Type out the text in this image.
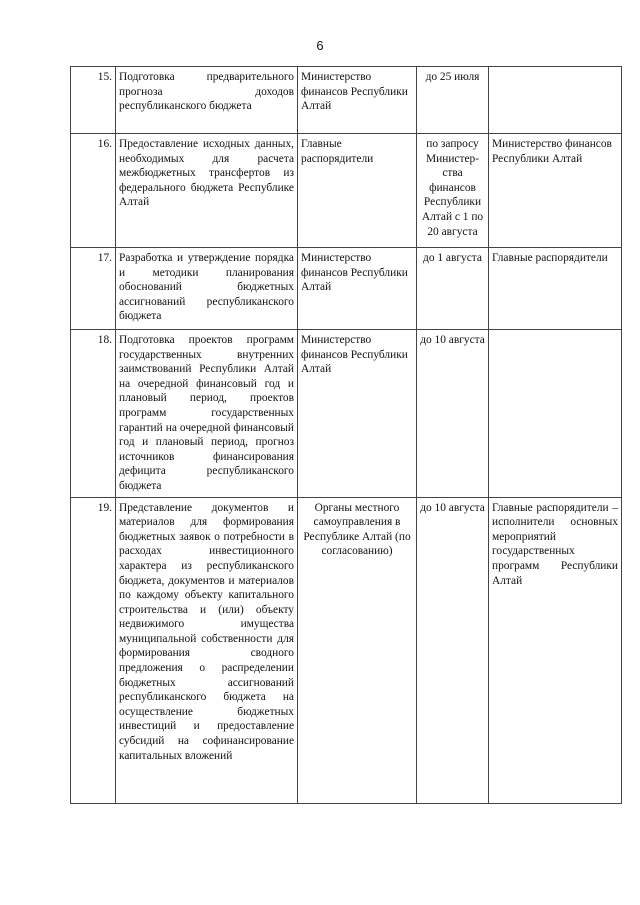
6
15.	Подготовка предварительного прогноза доходов республиканского бюджета	Министерство финансов Республики Алтай	до 25 июля	
16.	Предоставление исходных данных, необходимых для расчета межбюджетных трансфертов из федерального бюджета Республике Алтай	Главные распорядители	по запросу Министер-ства финансов Республики Алтай с 1 по 20 августа	Министерство финансов Республики Алтай
17.	Разработка и утверждение порядка и методики планирования обоснований бюджетных ассигнований республиканского бюджета	Министерство финансов Республики Алтай	до 1 августа	Главные распорядители
18.	Подготовка проектов программ государственных внутренних заимствований Республики Алтай на очередной финансовый год и плановый период, проектов программ государственных гарантий на очередной финансовый год и плановый период, прогноз источников финансирования дефицита республиканского бюджета	Министерство финансов Республики Алтай	до 10 августа	
19.	Представление документов и материалов для формирования бюджетных заявок о потребности в расходах инвестиционного характера из республиканского бюджета, документов и материалов по каждому объекту капитального строительства и (или) объекту недвижимого имущества муниципальной собственности для формирования сводного предложения о распределении бюджетных ассигнований республиканского бюджета на осуществление бюджетных инвестиций и предоставление субсидий на софинансирование капитальных вложений	Органы местного самоуправления в Республике Алтай (по согласованию)	до 10 августа	Главные распорядители – исполнители основных мероприятий государственных программ Республики Алтай
